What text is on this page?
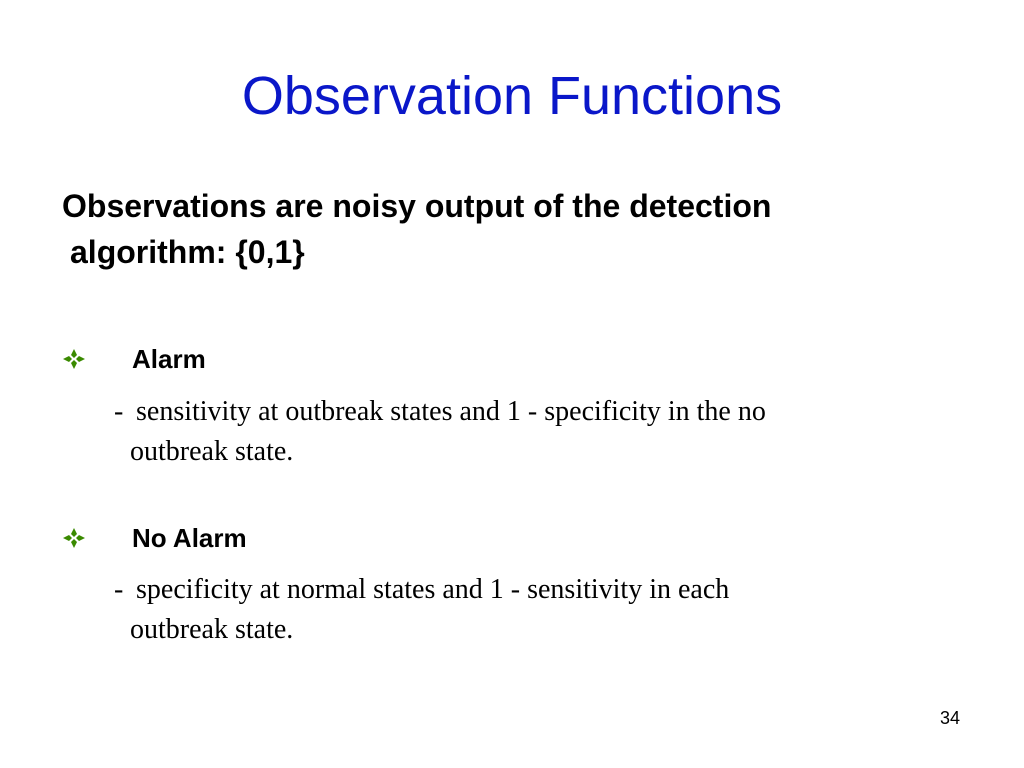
Observation Functions

Observations are noisy output of the detection
algorithm: {0,1}

Alarm
- sensitivity at outbreak states and 1 - specificity in the no
outbreak state.
No Alarm
- specificity at normal states and 1 - sensitivity in each
outbreak state.
34
